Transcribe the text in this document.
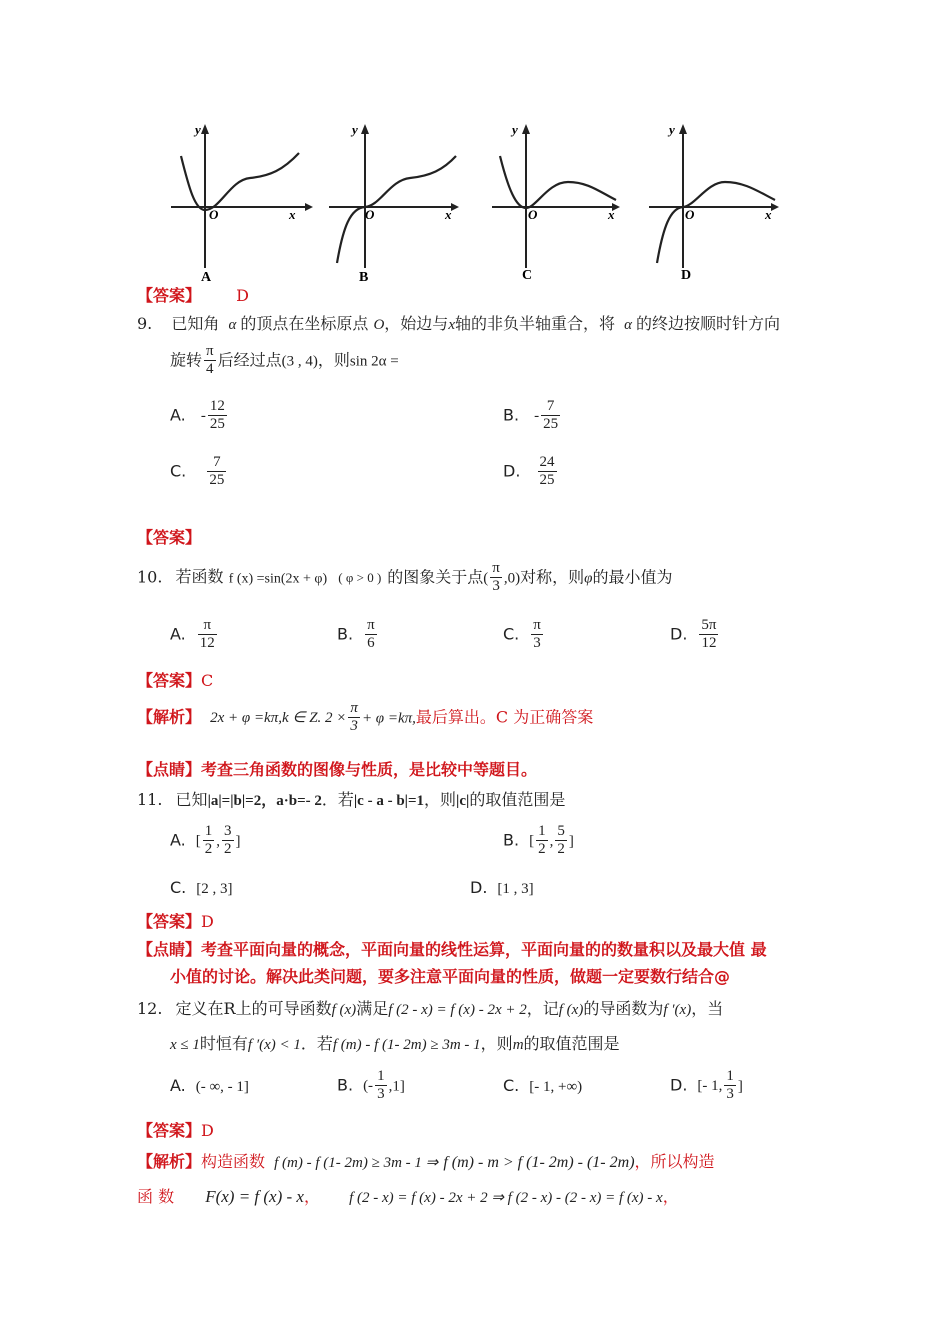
y
O	x
A
y
O	x
B
y
O	x
C
y
O	x
D
【答案】 D
9. 已知角 α 的顶点在坐标原点 O，始边与x轴的非负半轴重合，将 α 的终边按顺时针方向
旋转 $\frac{\pi}{4}$ 后经过点(3 , 4)，则sin 2α =
A. - $\frac{12}{25}$	B. - $\frac{7}{25}$
C. $\frac{7}{25}$	D. $\frac{24}{25}$
【答案】
10. 若函数 f (x) =sin(2x + φ) ( φ > 0 ) 的图象关于点( $\frac{\pi}{3} ,0$)对称，则φ的最小值为
A. $\frac{\pi}{12}$	B. $\frac{\pi}{6}$	C. $\frac{\pi}{3}$	D. $\frac{5\pi}{12}$
【答案】C
【解析】 2x + φ =kπ,k ∈ Z. $2 \times \frac{\pi}{3} + \varphi =k\pi$,最后算出。C 为正确答案
【点睛】考查三角函数的图像与性质，是比较中等题目。
11. 已知|a|=|b|=2，a·b=- 2．若|c - a - b|=1，则|c|的取值范围是
A. [ $\frac{1}{2}$ , $\frac{3}{2}$ ]	B. [ $\frac{1}{2}$ , $\frac{5}{2}$ ]
C. [2 , 3]	D. [1 , 3]
【答案】D
【点睛】考查平面向量的概念，平面向量的线性运算，平面向量的的数量积以及最大值 最
小值的讨论。解决此类问题，要多注意平面向量的性质，做题一定要数行结合@
12. 定义在R上的可导函数f (x)满足f (2 - x) = f (x) - 2x + 2，记f (x)的导函数为f ′(x)，当
x ≤ 1时恒有f ′(x) < 1．若f (m) - f (1- 2m) ≥ 3m - 1，则m的取值范围是
A. (- ∞, - 1]	B. (- $\frac{1}{3} ,1$]	C. [- 1, +∞)	D. [- 1, $\frac{1}{3}$ ]
【答案】D
【解析】构造函数 f (m) - f (1- 2m) ≥ 3m - 1 ⇒ f (m) - m > f (1- 2m) - (1- 2m)，所以构造
函 数 F(x) = f (x) - x， f (2 - x) = f (x) - 2x + 2 ⇒ f (2 - x) - (2 - x) = f (x) - x，
